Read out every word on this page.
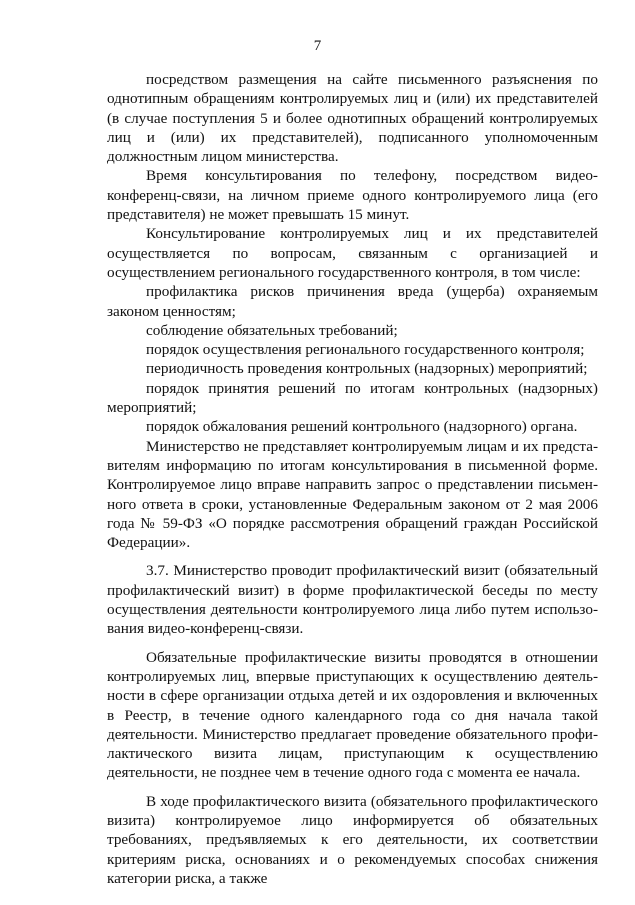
7

посредством размещения на сайте письменного разъяснения по однотипным обращениям контролируемых лиц и (или) их представителей (в случае поступления 5 и более однотипных обращений контролируемых лиц и (или) их представителей), подписанного уполномоченным должностным лицом министерства.

Время консультирования по телефону, посредством видео-конференц-связи, на личном приеме одного контролируемого лица (его представителя) не может превышать 15 минут.

Консультирование контролируемых лиц и их представителей осуществляется по вопросам, связанным с организацией и осуществлением регионального государственного контроля, в том числе:

профилактика рисков причинения вреда (ущерба) охраняемым законом ценностям;

соблюдение обязательных требований;

порядок осуществления регионального государственного контроля;

периодичность проведения контрольных (надзорных) мероприятий;

порядок принятия решений по итогам контрольных (надзорных) мероприятий;

порядок обжалования решений контрольного (надзорного) органа.

Министерство не представляет контролируемым лицам и их представителям информацию по итогам консультирования в письменной форме. Контролируемое лицо вправе направить запрос о представлении письменного ответа в сроки, установленные Федеральным законом от 2 мая 2006 года № 59-ФЗ «О порядке рассмотрения обращений граждан Российской Федерации».

3.7. Министерство проводит профилактический визит (обязательный профилактический визит) в форме профилактической беседы по месту осуществления деятельности контролируемого лица либо путем использования видео-конференц-связи.

Обязательные профилактические визиты проводятся в отношении контролируемых лиц, впервые приступающих к осуществлению деятельности в сфере организации отдыха детей и их оздоровления и включенных в Реестр, в течение одного календарного года со дня начала такой деятельности. Министерство предлагает проведение обязательного профилактического визита лицам, приступающим к осуществлению деятельности, не позднее чем в течение одного года с момента ее начала.

В ходе профилактического визита (обязательного профилактического визита) контролируемое лицо информируется об обязательных требованиях, предъявляемых к его деятельности, их соответствии критериям риска, основаниях и о рекомендуемых способах снижения категории риска, а также
